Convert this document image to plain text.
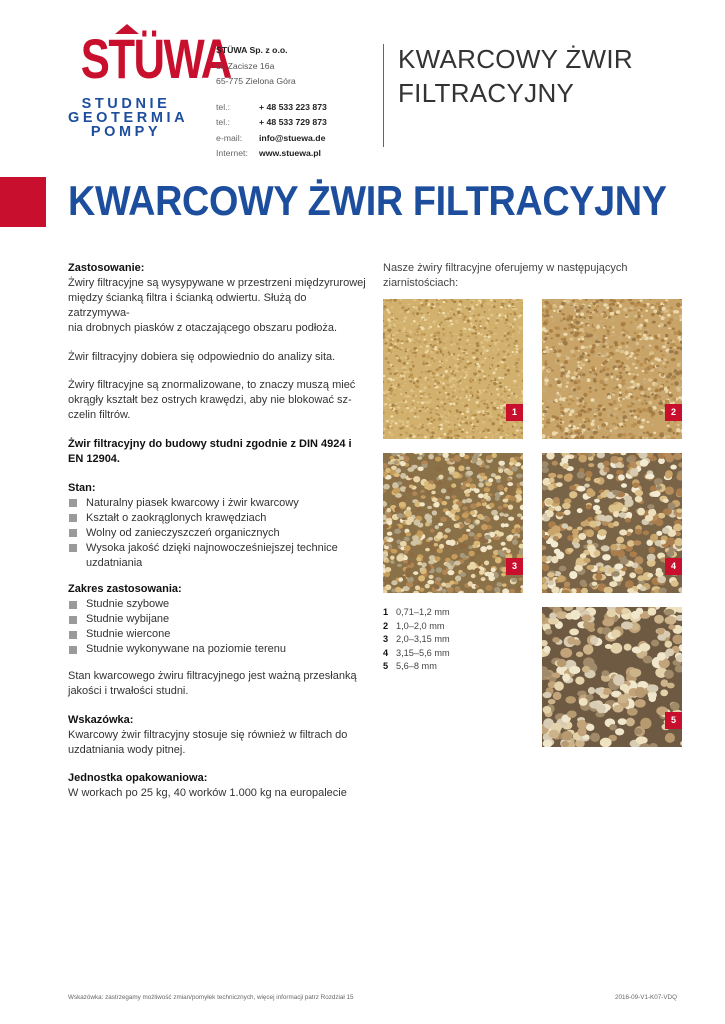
STÜWA
STUDNIE
GEOTERMIA
POMPY
STÜWA Sp. z o.o.
ul. Zacisze 16a
65-775 Zielona Góra
tel.:	+ 48 533 223 873
tel.:	+ 48 533 729 873
e-mail:	info@stuewa.de
Internet:	www.stuewa.pl
KWARCOWY ŻWIR
FILTRACYJNY
KWARCOWY ŻWIR FILTRACYJNY

Zastosowanie:

Żwiry filtracyjne są wysypywane w przestrzeni międzyrurowej

między ścianką filtra i ścianką odwiertu. Służą do zatrzymywa-

nia drobnych piasków z otaczającego obszaru podłoża.

Żwir filtracyjny dobiera się odpowiednio do analizy sita.

Żwiry filtracyjne są znormalizowane, to znaczy muszą mieć

okrągły kształt bez ostrych krawędzi, aby nie blokować sz-

czelin filtrów.

Żwir filtracyjny do budowy studni zgodnie z DIN 4924 i

EN 12904.

Stan:

Naturalny piasek kwarcowy i żwir kwarcowy
Kształt o zaokrąglonych krawędziach
Wolny od zanieczyszczeń organicznych
Wysoka jakość dzięki najnowocześniejszej technice
uzdatniania

Zakres zastosowania:

Studnie szybowe
Studnie wybijane
Studnie wiercone
Studnie wykonywane na poziomie terenu

Stan kwarcowego żwiru filtracyjnego jest ważną przesłanką

jakości i trwałości studni.

Wskazówka:

Kwarcowy żwir filtracyjny stosuje się również w filtrach do

uzdatniania wody pitnej.

Jednostka opakowaniowa:

W workach po 25 kg, 40 worków 1.000 kg na europalecie

Nasze żwiry filtracyjne oferujemy w następujących

ziarnistościach:

1	2
3	4
5
1 0,71–1,2 mm
2 1,0–2,0 mm
3 2,0–3,15 mm
4 3,15–5,6 mm
5 5,6–8 mm
Wskazówka: zastrzegamy możliwość zmian/pomyłek technicznych, więcej informacji patrz Rozdział 15	2016-09-V1-K07-VDQ
